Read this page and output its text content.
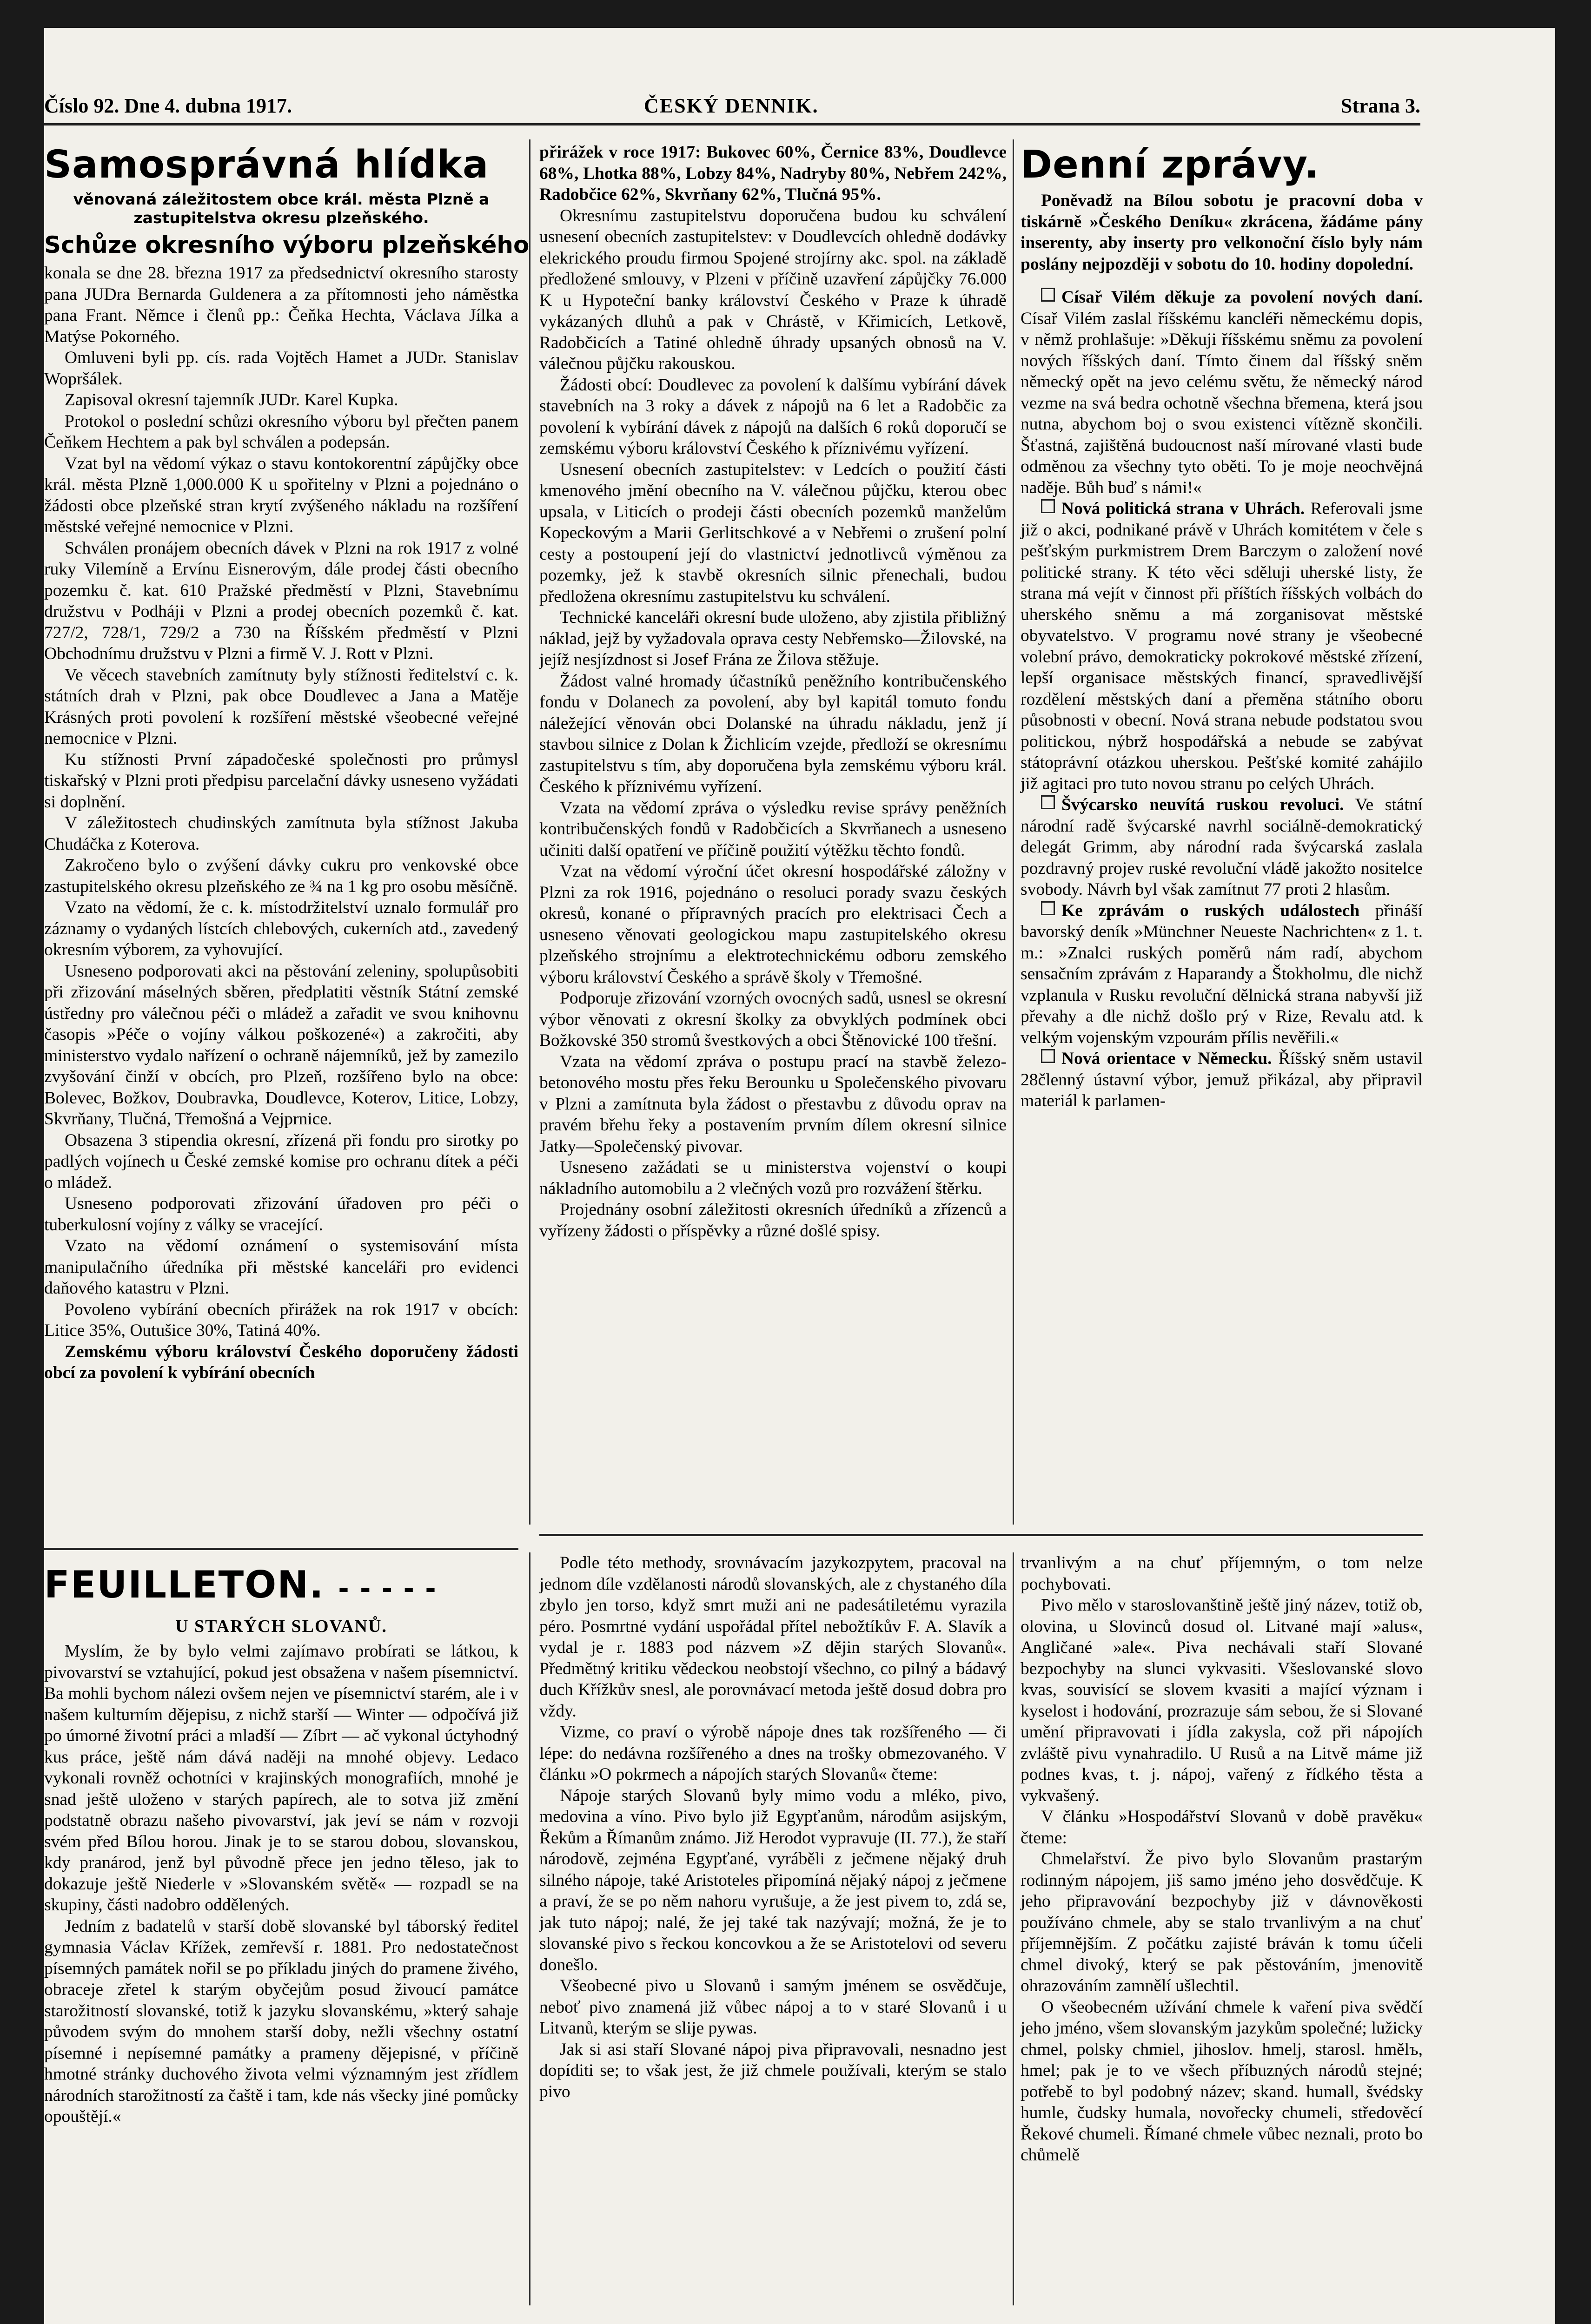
Číslo 92. Dne 4. dubna 1917.	ČESKÝ DENNIK.	Strana 3.
Samosprávná hlídka
věnovaná záležitostem obce král. města Plzně a zastupitelstva okresu plzeňského.
Schůze okresního výboru plzeňského

konala se dne 28. března 1917 za předsednictví okresního starosty pana JUDra Bernarda Guldenera a za přítomnosti jeho náměstka pana Frant. Němce i členů pp.: Čeňka Hechta, Václava Jílka a Matýse Pokorného.

Omluveni byli pp. cís. rada Vojtěch Hamet a JUDr. Stanislav Wopršálek.

Zapisoval okresní tajemník JUDr. Karel Kupka.

Protokol o poslední schůzi okresního výboru byl přečten panem Čeňkem Hechtem a pak byl schválen a podepsán.

Vzat byl na vědomí výkaz o stavu kontokorentní zápůjčky obce král. města Plzně 1,000.000 K u spořitelny v Plzni a pojednáno o žádosti obce plzeňské stran krytí zvýšeného nákladu na rozšíření městské veřejné nemocnice v Plzni.

Schválen pronájem obecních dávek v Plzni na rok 1917 z volné ruky Vilemíně a Ervínu Eisnerovým, dále prodej části obecního pozemku č. kat. 610 Pražské předměstí v Plzni, Stavebnímu družstvu v Podháji v Plzni a prodej obecních pozemků č. kat. 727/2, 728/1, 729/2 a 730 na Říšském předměstí v Plzni Obchodnímu družstvu v Plzni a firmě V. J. Rott v Plzni.

Ve věcech stavebních zamítnuty byly stížnosti ředitelství c. k. státních drah v Plzni, pak obce Doudlevec a Jana a Matěje Krásných proti povolení k rozšíření městské všeobecné veřejné nemocnice v Plzni.

Ku stížnosti První západočeské společnosti pro průmysl tiskařský v Plzni proti předpisu parcelační dávky usneseno vyžádati si doplnění.

V záležitostech chudinských zamítnuta byla stížnost Jakuba Chudáčka z Koterova.

Zakročeno bylo o zvýšení dávky cukru pro venkovské obce zastupitelského okresu plzeňského ze ¾ na 1 kg pro osobu měsíčně.

Vzato na vědomí, že c. k. místodržitelství uznalo formulář pro záznamy o vydaných lístcích chlebových, cukerních atd., zavedený okresním výborem, za vyhovující.

Usneseno podporovati akci na pěstování zeleniny, spolupůsobiti při zřizování máselných sběren, předplatiti věstník Státní zemské ústředny pro válečnou péči o mládež a zařadit ve svou knihovnu časopis »Péče o vojíny válkou poškozené«) a zakročiti, aby ministerstvo vydalo nařízení o ochraně nájemníků, jež by zamezilo zvyšování činží v obcích, pro Plzeň, rozšířeno bylo na obce: Bolevec, Božkov, Doubravka, Doudlevce, Koterov, Litice, Lobzy, Skvrňany, Tlučná, Třemošná a Vejprnice.

Obsazena 3 stipendia okresní, zřízená při fondu pro sirotky po padlých vojínech u České zemské komise pro ochranu dítek a péči o mládež.

Usneseno podporovati zřizování úřadoven pro péči o tuberkulosní vojíny z války se vracející.

Vzato na vědomí oznámení o systemisování místa manipulačního úředníka při městské kanceláři pro evidenci daňového katastru v Plzni.

Povoleno vybírání obecních přirážek na rok 1917 v obcích: Litice 35%, Outušice 30%, Tatiná 40%.

Zemskému výboru království Českého doporučeny žádosti obcí za povolení k vybírání obecních

přirážek v roce 1917: Bukovec 60%, Černice 83%, Doudlevce 68%, Lhotka 88%, Lobzy 84%, Nadryby 80%, Nebřem 242%, Radobčice 62%, Skvrňany 62%, Tlučná 95%.

Okresnímu zastupitelstvu doporučena budou ku schválení usnesení obecních zastupitelstev: v Doudlevcích ohledně dodávky elekrického proudu firmou Spojené strojírny akc. spol. na základě předložené smlouvy, v Plzeni v příčině uzavření zápůjčky 76.000 K u Hypoteční banky království Českého v Praze k úhradě vykázaných dluhů a pak v Chrástě, v Křimicích, Letkově, Radobčicích a Tatiné ohledně úhrady upsaných obnosů na V. válečnou půjčku rakouskou.

Žádosti obcí: Doudlevec za povolení k dalšímu vybírání dávek stavebních na 3 roky a dávek z nápojů na 6 let a Radobčic za povolení k vybírání dávek z nápojů na dalších 6 roků doporučí se zemskému výboru království Českého k příznivému vyřízení.

Usnesení obecních zastupitelstev: v Ledcích o použití části kmenového jmění obecního na V. válečnou půjčku, kterou obec upsala, v Liticích o prodeji části obecních pozemků manželům Kopeckovým a Marii Gerlitschkové a v Nebřemi o zrušení polní cesty a postoupení její do vlastnictví jednotlivců výměnou za pozemky, jež k stavbě okresních silnic přenechali, budou předložena okresnímu zastupitelstvu ku schválení.

Technické kanceláři okresní bude uloženo, aby zjistila přibližný náklad, jejž by vyžadovala oprava cesty Nebřemsko—Žilovské, na jejíž nesjízdnost si Josef Frána ze Žilova stěžuje.

Žádost valné hromady účastníků peněžního kontribučenského fondu v Dolanech za povolení, aby byl kapitál tomuto fondu náležející věnován obci Dolanské na úhradu nákladu, jenž jí stavbou silnice z Dolan k Žichlicím vzejde, předloží se okresnímu zastupitelstvu s tím, aby doporučena byla zemskému výboru král. Českého k příznivému vyřízení.

Vzata na vědomí zpráva o výsledku revise správy peněžních kontribučenských fondů v Radobčicích a Skvrňanech a usneseno učiniti další opatření ve příčině použití výtěžku těchto fondů.

Vzat na vědomí výroční účet okresní hospodářské záložny v Plzni za rok 1916, pojednáno o resoluci porady svazu českých okresů, konané o přípravných pracích pro elektrisaci Čech a usneseno věnovati geologickou mapu zastupitelského okresu plzeňského strojnímu a elektrotechnickému odboru zemského výboru království Českého a správě školy v Třemošné.

Podporuje zřizování vzorných ovocných sadů, usnesl se okresní výbor věnovati z okresní školky za obvyklých podmínek obci Božkovské 350 stromů švestkových a obci Štěnovické 100 třešní.

Vzata na vědomí zpráva o postupu prací na stavbě železo-betonového mostu přes řeku Berounku u Společenského pivovaru v Plzni a zamítnuta byla žádost o přestavbu z důvodu oprav na pravém břehu řeky a postavením prvním dílem okresní silnice Jatky—Společenský pivovar.

Usneseno zažádati se u ministerstva vojenství o koupi nákladního automobilu a 2 vlečných vozů pro rozvážení štěrku.

Projednány osobní záležitosti okresních úředníků a zřízenců a vyřízeny žádosti o příspěvky a různé došlé spisy.

Denní zprávy.

Poněvadž na Bílou sobotu je pracovní doba v tiskárně »Českého Deníku« zkrácena, žádáme pány inserenty, aby inserty pro velkonoční číslo byly nám poslány nejpozději v sobotu do 10. hodiny dopolední.

Císař Vilém děkuje za povolení nových daní. Císař Vilém zaslal říšskému kancléři německému dopis, v němž prohlašuje: »Děkuji říšskému sněmu za povolení nových říšských daní. Tímto činem dal říšský sněm německý opět na jevo celému světu, že německý národ vezme na svá bedra ochotně všechna břemena, která jsou nutna, abychom boj o svou existenci vítězně skončili. Šťastná, zajištěná budoucnost naší mírované vlasti bude odměnou za všechny tyto oběti. To je moje neochvějná naděje. Bůh buď s námi!«

Nová politická strana v Uhrách. Referovali jsme již o akci, podnikané právě v Uhrách komitétem v čele s pešťským purkmistrem Drem Barczym o založení nové politické strany. K této věci sděluji uherské listy, že strana má vejít v činnost při příštích říšských volbách do uherského sněmu a má zorganisovat městské obyvatelstvo. V programu nové strany je všeobecné volební právo, demokraticky pokrokové městské zřízení, lepší organisace městských financí, spravedlivější rozdělení městských daní a přeměna státního oboru působnosti v obecní. Nová strana nebude podstatou svou politickou, nýbrž hospodářská a nebude se zabývat státoprávní otázkou uherskou. Pešťské komité zahájilo již agitaci pro tuto novou stranu po celých Uhrách.

Švýcarsko neuvítá ruskou revoluci. Ve státní národní radě švýcarské navrhl sociálně-demokratický delegát Grimm, aby národní rada švýcarská zaslala pozdravný projev ruské revoluční vládě jakožto nositelce svobody. Návrh byl však zamítnut 77 proti 2 hlasům.

Ke zprávám o ruských událostech přináší bavorský deník »Münchner Neueste Nachrichten« z 1. t. m.: »Znalci ruských poměrů nám radí, abychom sensačním zprávám z Haparandy a Štokholmu, dle nichž vzplanula v Rusku revoluční dělnická strana nabyvší již převahy a dle nichž došlo prý v Rize, Revalu atd. k velkým vojenským vzpourám přílis nevěřili.«

Nová orientace v Německu. Říšský sněm ustavil 28členný ústavní výbor, jemuž přikázal, aby připravil materiál k parlamen-

FEUILLETON. - - - - -
U STARÝCH SLOVANŮ.

Myslím, že by bylo velmi zajímavo probírati se látkou, k pivovarství se vztahující, pokud jest obsažena v našem písemnictví. Ba mohli bychom nálezi ovšem nejen ve písemnictví starém, ale i v našem kulturním dějepisu, z nichž starší — Winter — odpočívá již po úmorné životní práci a mladší — Zíbrt — ač vykonal úctyhodný kus práce, ještě nám dává naději na mnohé objevy. Ledaco vykonali rovněž ochotníci v krajinských monografiích, mnohé je snad ještě uloženo v starých papírech, ale to sotva již změní podstatně obrazu našeho pivovarství, jak jeví se nám v rozvoji svém před Bílou horou. Jinak je to se starou dobou, slovanskou, kdy pranárod, jenž byl původně přece jen jedno těleso, jak to dokazuje ještě Niederle v »Slovanském světě« — rozpadl se na skupiny, části nadobro oddělených.

Jedním z badatelů v starší době slovanské byl táborský ředitel gymnasia Václav Křížek, zemřevší r. 1881. Pro nedostatečnost písemných památek nořil se po příkladu jiných do pramene živého, obraceje zřetel k starým obyčejům posud živoucí památce starožitností slovanské, totiž k jazyku slovanskému, »který sahaje původem svým do mnohem starší doby, nežli všechny ostatní písemné i nepísemné památky a prameny dějepisné, v příčině hmotné stránky duchového života velmi významným jest zřídlem národních starožitností za čaště i tam, kde nás všecky jiné pomůcky opouštějí.«

Podle této methody, srovnávacím jazykozpytem, pracoval na jednom díle vzdělanosti národů slovanských, ale z chystaného díla zbylo jen torso, když smrt muži ani ne padesátiletému vyrazila péro. Posmrtné vydání uspořádal přítel nebožtíkův F. A. Slavík a vydal je r. 1883 pod názvem »Z dějin starých Slovanů«. Předmětný kritiku vědeckou neobstojí všechno, co pilný a bádavý duch Křížkův snesl, ale porovnávací metoda ještě dosud dobra pro vždy.

Vizme, co praví o výrobě nápoje dnes tak rozšířeného — či lépe: do nedávna rozšířeného a dnes na trošky obmezovaného. V článku »O pokrmech a nápojích starých Slovanů« čteme:

Nápoje starých Slovanů byly mimo vodu a mléko, pivo, medovina a víno. Pivo bylo již Egypťanům, národům asijským, Řekům a Římanům známo. Již Herodot vypravuje (II. 77.), že staří národově, zejména Egypťané, vyráběli z ječmene nějaký druh silného nápoje, také Aristoteles připomíná nějaký nápoj z ječmene a praví, že se po něm nahoru vyrušuje, a že jest pivem to, zdá se, jak tuto nápoj; nalé, že jej také tak nazývají; možná, že je to slovanské pivo s řeckou koncovkou a že se Aristotelovi od severu donešlo.

Všeobecné pivo u Slovanů i samým jménem se osvědčuje, neboť pivo znamená již vůbec nápoj a to v staré Slovanů i u Litvanů, kterým se slije pywas.

Jak si asi staří Slované nápoj piva připravovali, nesnadno jest dopíditi se; to však jest, že již chmele používali, kterým se stalo pivo

trvanlivým a na chuť příjemným, o tom nelze pochybovati.

Pivo mělo v staroslovanštině ještě jiný název, totiž ob, olovina, u Slovinců dosud ol. Litvané mají »alus«, Angličané »ale«. Piva nechávali staří Slované bezpochyby na slunci vykvasiti. Všeslovanské slovo kvas, souvisící se slovem kvasiti a mající význam i kyselost i hodování, prozrazuje sám sebou, že si Slované umění připravovati i jídla zakysla, což při nápojích zvláště pivu vynahradilo. U Rusů a na Litvě máme již podnes kvas, t. j. nápoj, vařený z řídkého těsta a vykvašený.

V článku »Hospodářství Slovanů v době pravěku« čteme:

Chmelařství. Že pivo bylo Slovanům prastarým rodinným nápojem, jiš samo jméno jeho dosvědčuje. K jeho připravování bezpochyby již v dávnověkosti používáno chmele, aby se stalo trvanlivým a na chuť příjemnějším. Z počátku zajisté bráván k tomu účeli chmel divoký, který se pak pěstováním, jmenovitě ohrazováním zamnělí ušlechtil.

O všeobecném užívání chmele k vaření piva svědčí jeho jméno, všem slovanským jazykům společné; lužicky chmel, polsky chmiel, jihoslov. hmelj, starosl. hmělъ, hmel; pak je to ve všech příbuzných národů stejné; potřebě to byl podobný název; skand. humall, švédsky humle, čudsky humala, novořecky chumeli, středověcí Řekové chumeli. Římané chmele vůbec neznali, proto bo chůmelě
